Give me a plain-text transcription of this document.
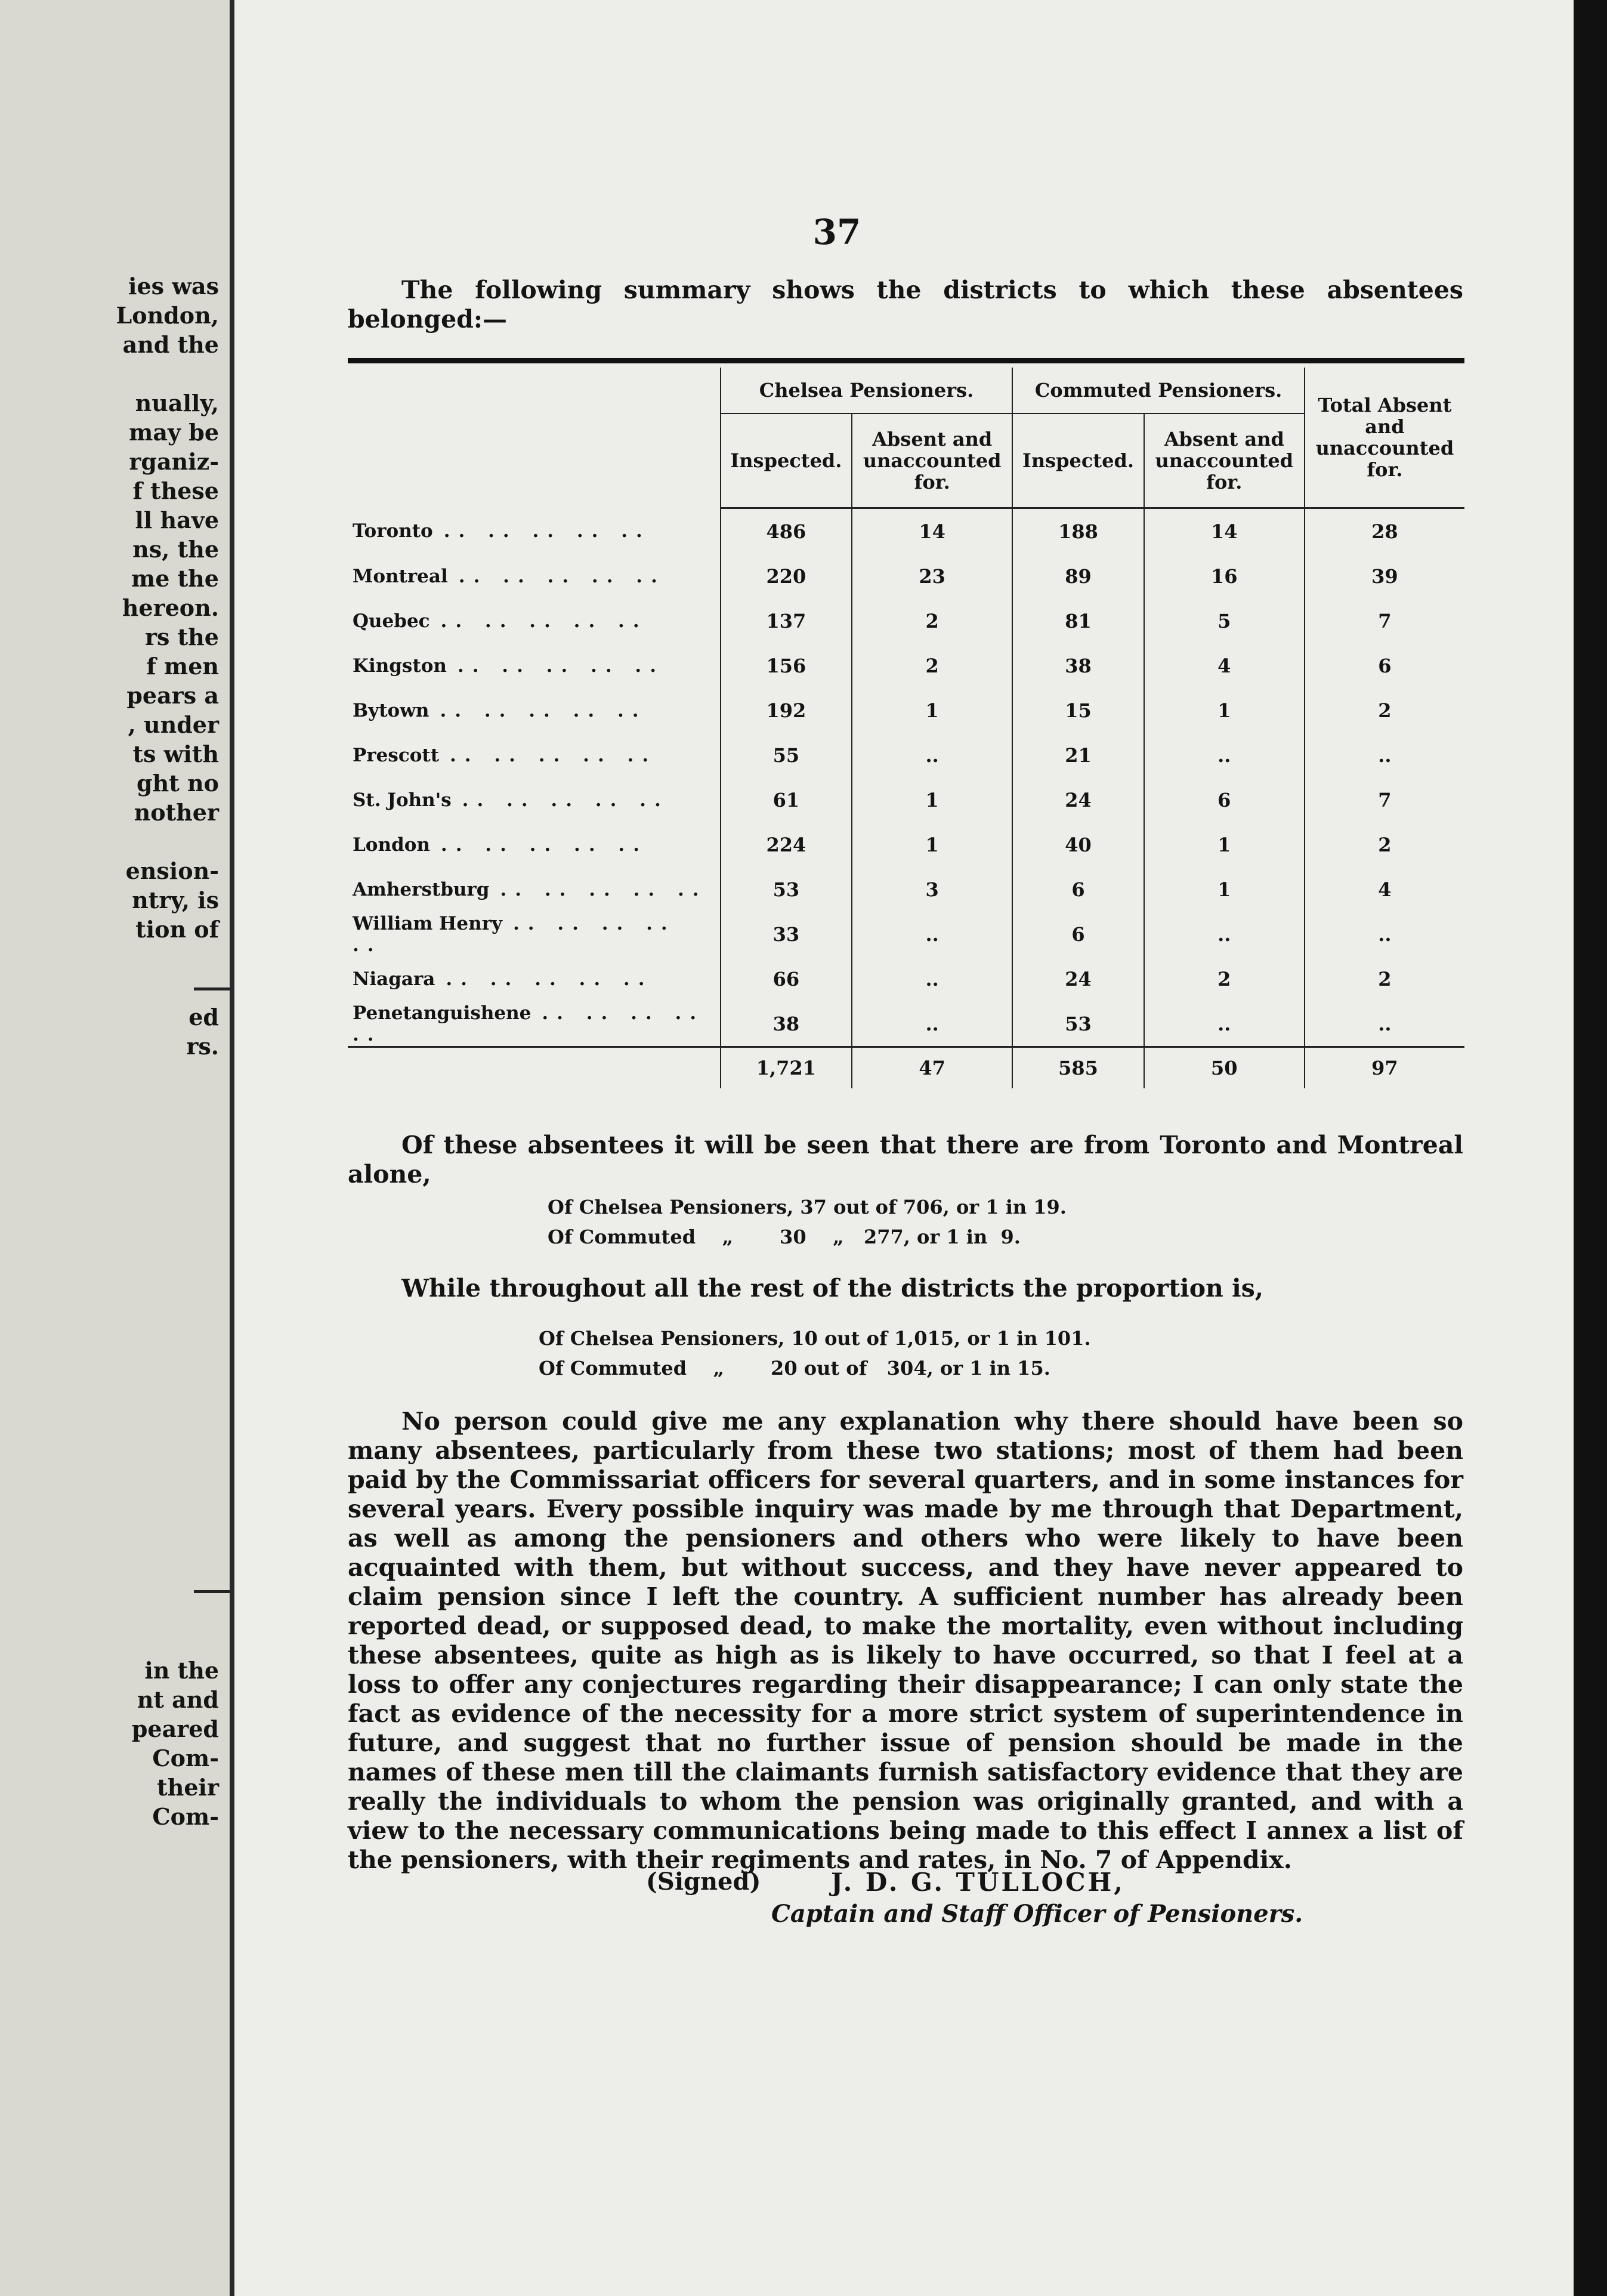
ies was
London,
and the
nually,
may be
rganiz-
f these
ll have
ns, the
me the
hereon.
rs the
f men
pears a
, under
ts with
ght no
nother
ension-
ntry, is
tion of
ed
rs.
in the
nt and
peared
Com-
their
Com-
37
The following summary shows the districts to which these absentees belonged:—
	Chelsea Pensioners.		Commuted Pensioners.		Total Absent and unaccounted for.
	Inspected.	Absent and unaccounted for.	Inspected.	Absent and unaccounted for.	
Toronto .. .. .. .. ..	486	14	188	14	28
Montreal .. .. .. .. ..	220	23	89	16	39
Quebec .. .. .. .. ..	137	2	81	5	7
Kingston .. .. .. .. ..	156	2	38	4	6
Bytown .. .. .. .. ..	192	1	15	1	2
Prescott .. .. .. .. ..	55	..	21	..	..
St. John's .. .. .. .. ..	61	1	24	6	7
London .. .. .. .. ..	224	1	40	1	2
Amherstburg .. .. .. .. ..	53	3	6	1	4
William Henry .. .. .. .. ..	33	..	6	..	..
Niagara .. .. .. .. ..	66	..	24	2	2
Penetanguishene .. .. .. .. ..	38	..	53	..	..
	1,721	47	585	50	97
Of these absentees it will be seen that there are from Toronto and Montreal alone,
Of Chelsea Pensioners, 37 out of 706, or 1 in 19.
Of Commuted    „       30    „   277, or 1 in  9.
While throughout all the rest of the districts the proportion is,
Of Chelsea Pensioners, 10 out of 1,015, or 1 in 101.
Of Commuted    „       20 out of   304, or 1 in 15.
No person could give me any explanation why there should have been so many absentees, particularly from these two stations; most of them had been paid by the Commissariat officers for several quarters, and in some instances for several years. Every possible inquiry was made by me through that Department, as well as among the pensioners and others who were likely to have been acquainted with them, but without success, and they have never appeared to claim pension since I left the country. A sufficient number has already been reported dead, or supposed dead, to make the mortality, even without including these absentees, quite as high as is likely to have occurred, so that I feel at a loss to offer any conjectures regarding their disappearance; I can only state the fact as evidence of the necessity for a more strict system of superintendence in future, and suggest that no further issue of pension should be made in the names of these men till the claimants furnish satisfactory evidence that they are really the individuals to whom the pension was originally granted, and with a view to the necessary communications being made to this effect I annex a list of the pensioners, with their regiments and rates, in No. 7 of Appendix.
(Signed)	J. D. G. TULLOCH,
Captain and Staff Officer of Pensioners.
